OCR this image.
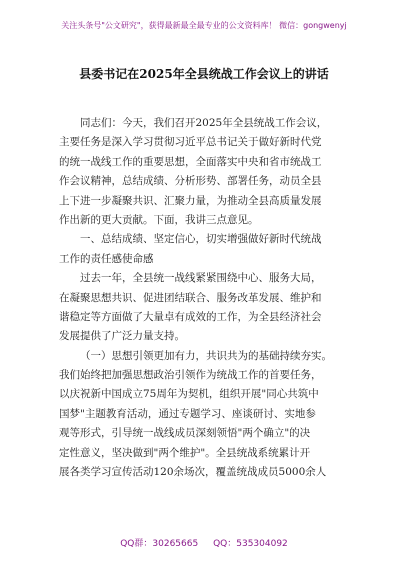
关注头条号"公文研究"，获得最新最全最专业的公文资料库！ 微信：gongwenyj
县委书记在2025年全县统战工作会议上的讲话
同志们：今天，我们召开2025年全县统战工作会议，
主要任务是深入学习贯彻习近平总书记关于做好新时代党
的统一战线工作的重要思想，全面落实中央和省市统战工
作会议精神，总结成绩、分析形势、部署任务，动员全县
上下进一步凝聚共识、汇聚力量，为推动全县高质量发展
作出新的更大贡献。下面，我讲三点意见。
一、总结成绩、坚定信心，切实增强做好新时代统战
工作的责任感使命感
过去一年，全县统一战线紧紧围绕中心、服务大局，
在凝聚思想共识、促进团结联合、服务改革发展、维护和
谐稳定等方面做了大量卓有成效的工作，为全县经济社会
发展提供了广泛力量支持。
（一）思想引领更加有力，共识共为的基础持续夯实。
我们始终把加强思想政治引领作为统战工作的首要任务，
以庆祝新中国成立75周年为契机，组织开展"同心共筑中
国梦"主题教育活动，通过专题学习、座谈研讨、实地参
观等形式，引导统一战线成员深刻领悟"两个确立"的决
定性意义，坚决做到"两个维护"。全县统战系统累计开
展各类学习宣传活动120余场次，覆盖统战成员5000余人
QQ群：30265665 QQ：535304092
